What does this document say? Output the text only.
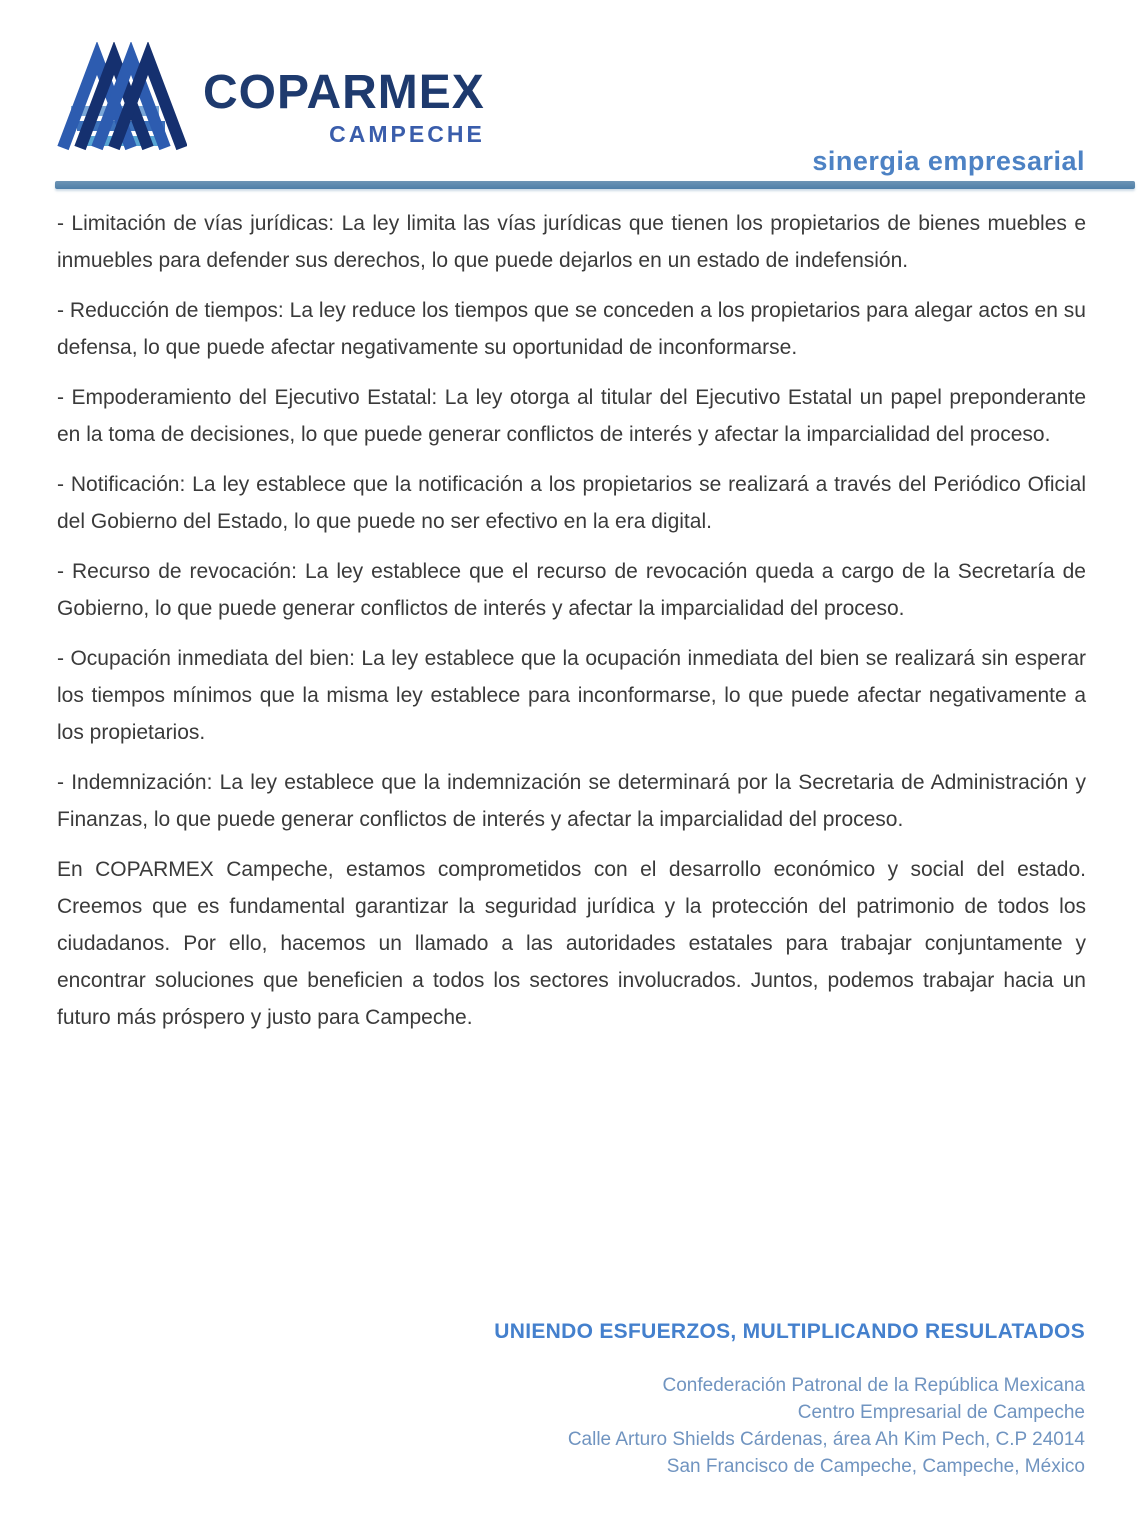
COPARMEX
CAMPECHE
sinergia empresarial

- Limitación de vías jurídicas: La ley limita las vías jurídicas que tienen los propietarios de bienes muebles e inmuebles para defender sus derechos, lo que puede dejarlos en un estado de indefensión.

- Reducción de tiempos: La ley reduce los tiempos que se conceden a los propietarios para alegar actos en su defensa, lo que puede afectar negativamente su oportunidad de inconformarse.

- Empoderamiento del Ejecutivo Estatal: La ley otorga al titular del Ejecutivo Estatal un papel preponderante en la toma de decisiones, lo que puede generar conflictos de interés y afectar la imparcialidad del proceso.

- Notificación: La ley establece que la notificación a los propietarios se realizará a través del Periódico Oficial del Gobierno del Estado, lo que puede no ser efectivo en la era digital.

- Recurso de revocación: La ley establece que el recurso de revocación queda a cargo de la Secretaría de Gobierno, lo que puede generar conflictos de interés y afectar la imparcialidad del proceso.

- Ocupación inmediata del bien: La ley establece que la ocupación inmediata del bien se realizará sin esperar los tiempos mínimos que la misma ley establece para inconformarse, lo que puede afectar negativamente a los propietarios.

- Indemnización: La ley establece que la indemnización se determinará por la Secretaria de Administración y Finanzas, lo que puede generar conflictos de interés y afectar la imparcialidad del proceso.

En COPARMEX Campeche, estamos comprometidos con el desarrollo económico y social del estado. Creemos que es fundamental garantizar la seguridad jurídica y la protección del patrimonio de todos los ciudadanos. Por ello, hacemos un llamado a las autoridades estatales para trabajar conjuntamente y encontrar soluciones que beneficien a todos los sectores involucrados. Juntos, podemos trabajar hacia un futuro más próspero y justo para Campeche.

UNIENDO ESFUERZOS, MULTIPLICANDO RESULATADOS
Confederación Patronal de la República Mexicana
Centro Empresarial de Campeche
Calle Arturo Shields Cárdenas, área Ah Kim Pech, C.P 24014
San Francisco de Campeche, Campeche, México
